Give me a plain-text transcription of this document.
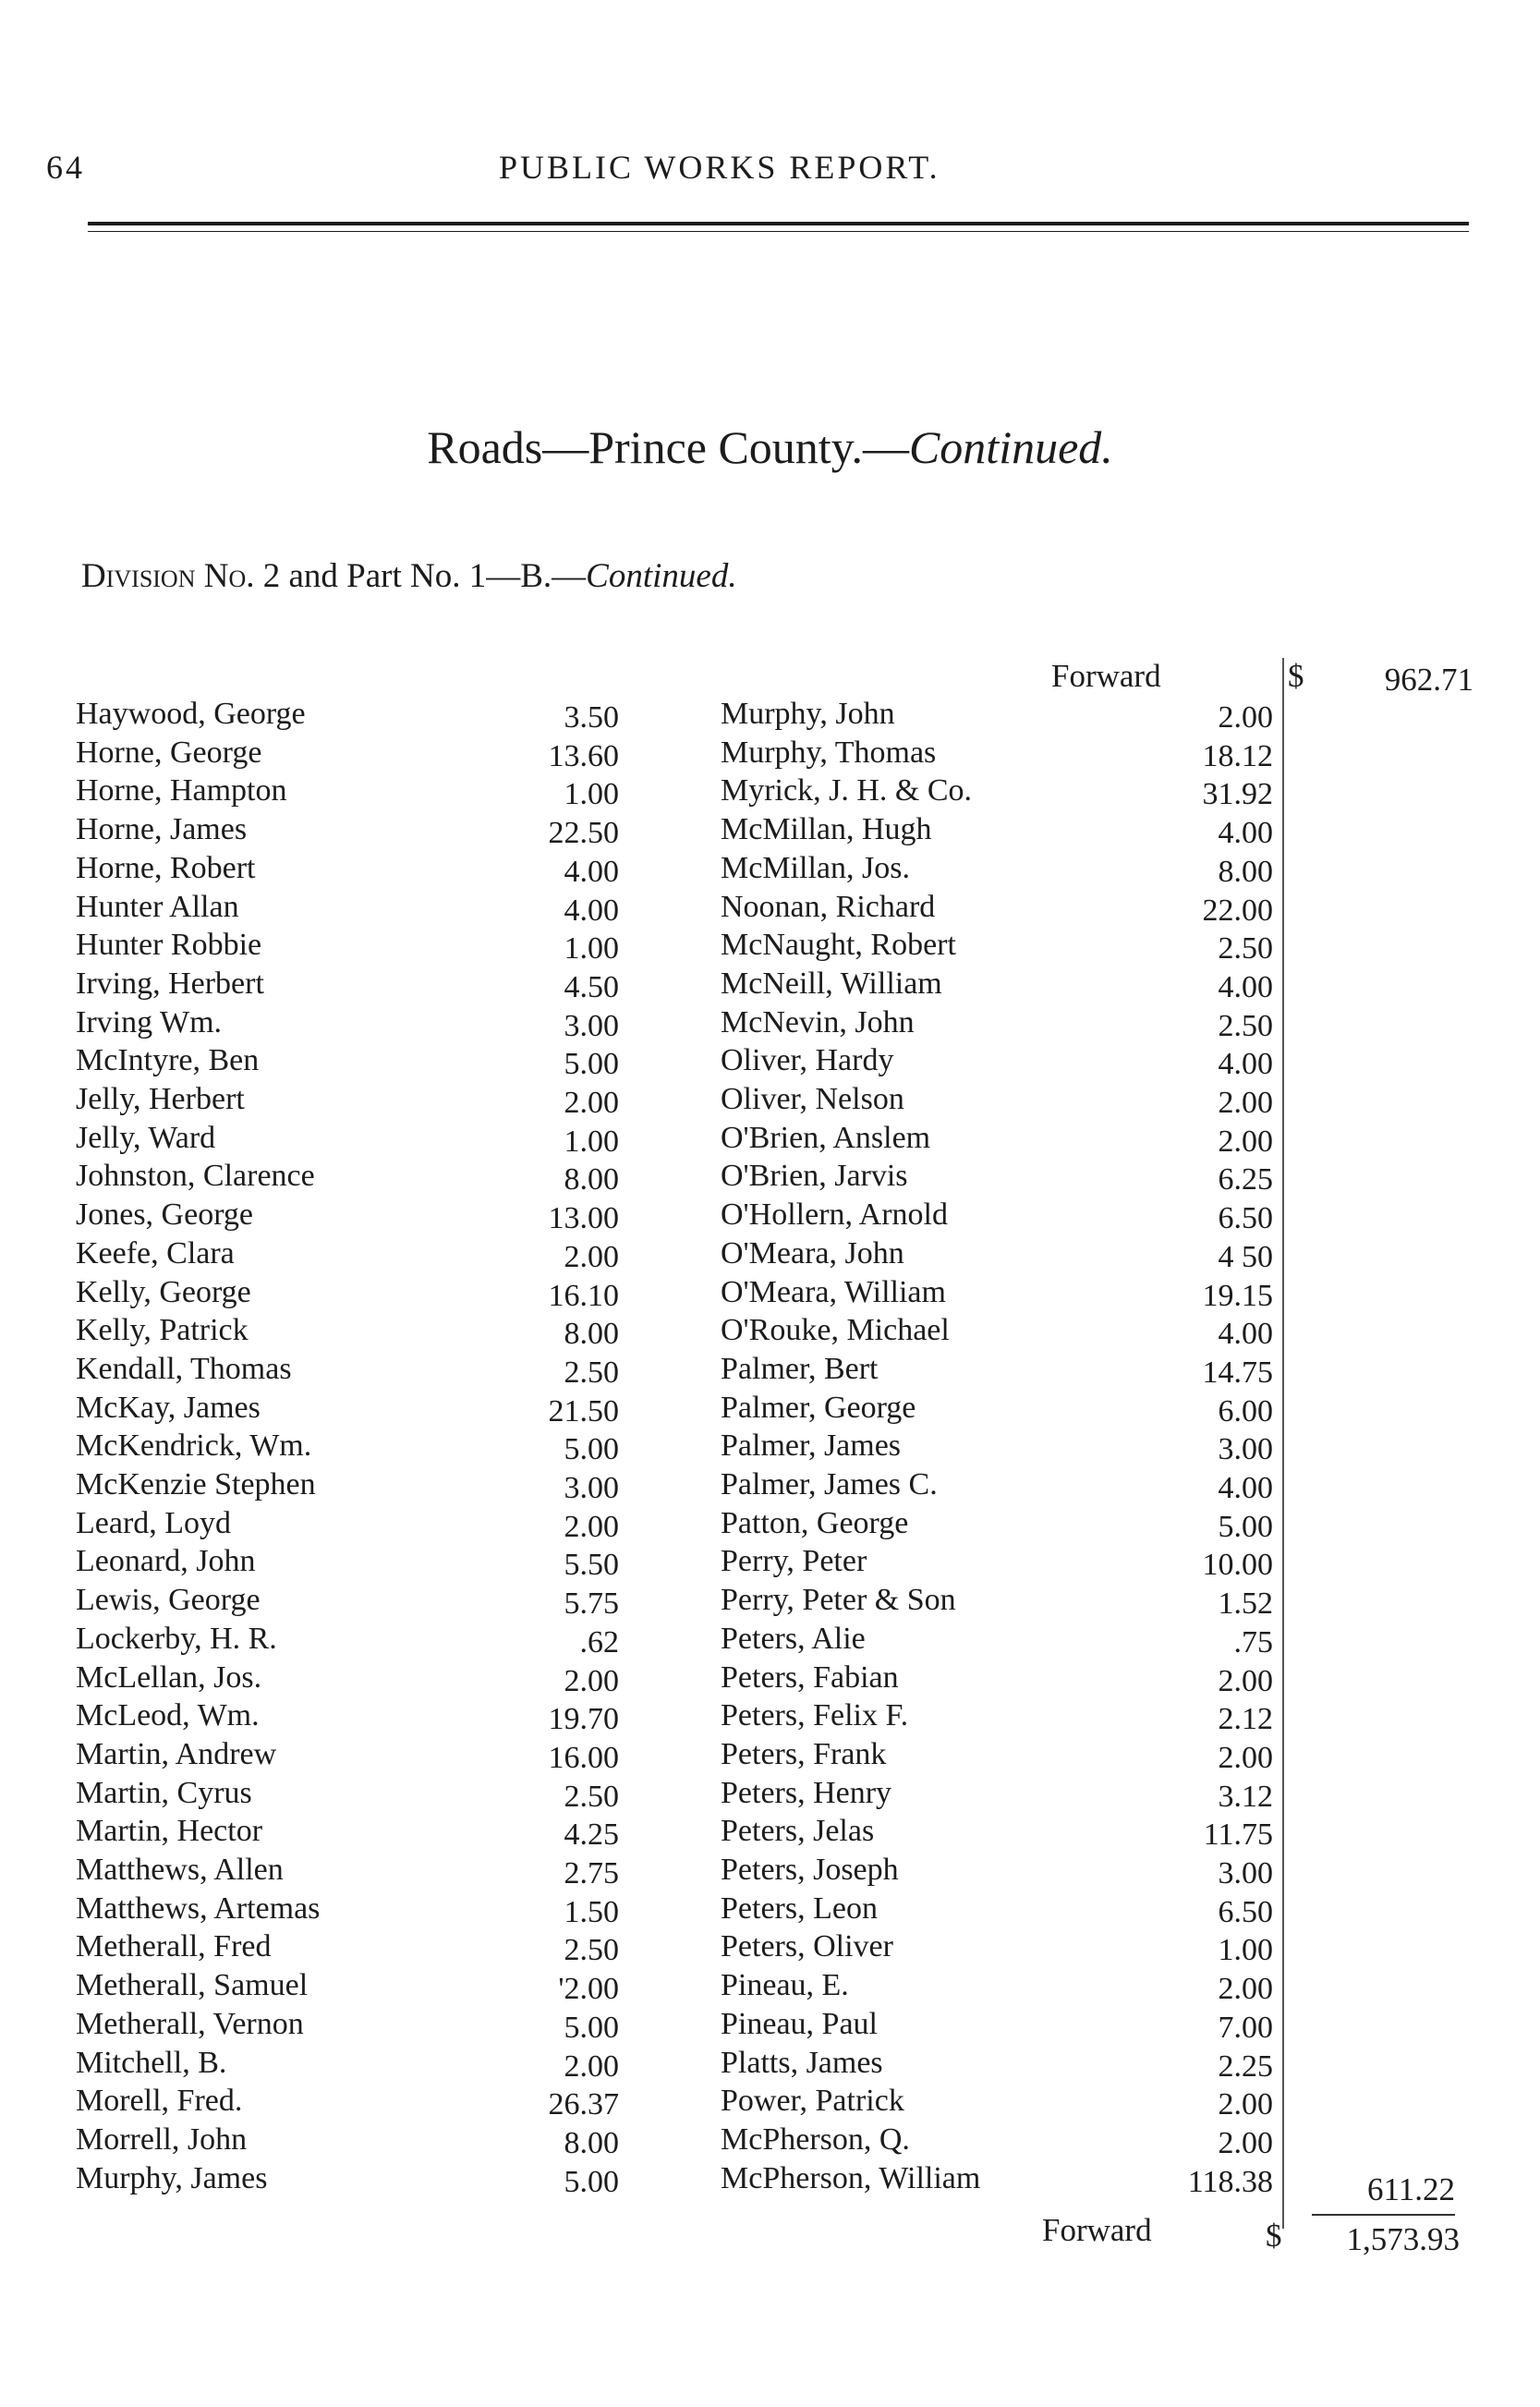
64	PUBLIC WORKS REPORT.
Roads—Prince County.—Continued.
Division No. 2 and Part No. 1—B.—Continued.
Forward	$	962.71
Haywood, George	3.50
Horne, George	13.60
Horne, Hampton	1.00
Horne, James	22.50
Horne, Robert	4.00
Hunter Allan	4.00
Hunter Robbie	1.00
Irving, Herbert	4.50
Irving Wm.	3.00
McIntyre, Ben	5.00
Jelly, Herbert	2.00
Jelly, Ward	1.00
Johnston, Clarence	8.00
Jones, George	13.00
Keefe, Clara	2.00
Kelly, George	16.10
Kelly, Patrick	8.00
Kendall, Thomas	2.50
McKay, James	21.50
McKendrick, Wm.	5.00
McKenzie Stephen	3.00
Leard, Loyd	2.00
Leonard, John	5.50
Lewis, George	5.75
Lockerby, H. R.	.62
McLellan, Jos.	2.00
McLeod, Wm.	19.70
Martin, Andrew	16.00
Martin, Cyrus	2.50
Martin, Hector	4.25
Matthews, Allen	2.75
Matthews, Artemas	1.50
Metherall, Fred	2.50
Metherall, Samuel	'2.00
Metherall, Vernon	5.00
Mitchell, B.	2.00
Morell, Fred.	26.37
Morrell, John	8.00
Murphy, James	5.00
Murphy, John	2.00
Murphy, Thomas	18.12
Myrick, J. H. & Co.	31.92
McMillan, Hugh	4.00
McMillan, Jos.	8.00
Noonan, Richard	22.00
McNaught, Robert	2.50
McNeill, William	4.00
McNevin, John	2.50
Oliver, Hardy	4.00
Oliver, Nelson	2.00
O'Brien, Anslem	2.00
O'Brien, Jarvis	6.25
O'Hollern, Arnold	6.50
O'Meara, John	4 50
O'Meara, William	19.15
O'Rouke, Michael	4.00
Palmer, Bert	14.75
Palmer, George	6.00
Palmer, James	3.00
Palmer, James C.	4.00
Patton, George	5.00
Perry, Peter	10.00
Perry, Peter & Son	1.52
Peters, Alie	.75
Peters, Fabian	2.00
Peters, Felix F.	2.12
Peters, Frank	2.00
Peters, Henry	3.12
Peters, Jelas	11.75
Peters, Joseph	3.00
Peters, Leon	6.50
Peters, Oliver	1.00
Pineau, E.	2.00
Pineau, Paul	7.00
Platts, James	2.25
Power, Patrick	2.00
McPherson, Q.	2.00
McPherson, William	118.38	611.22
Forward	$	1,573.93
